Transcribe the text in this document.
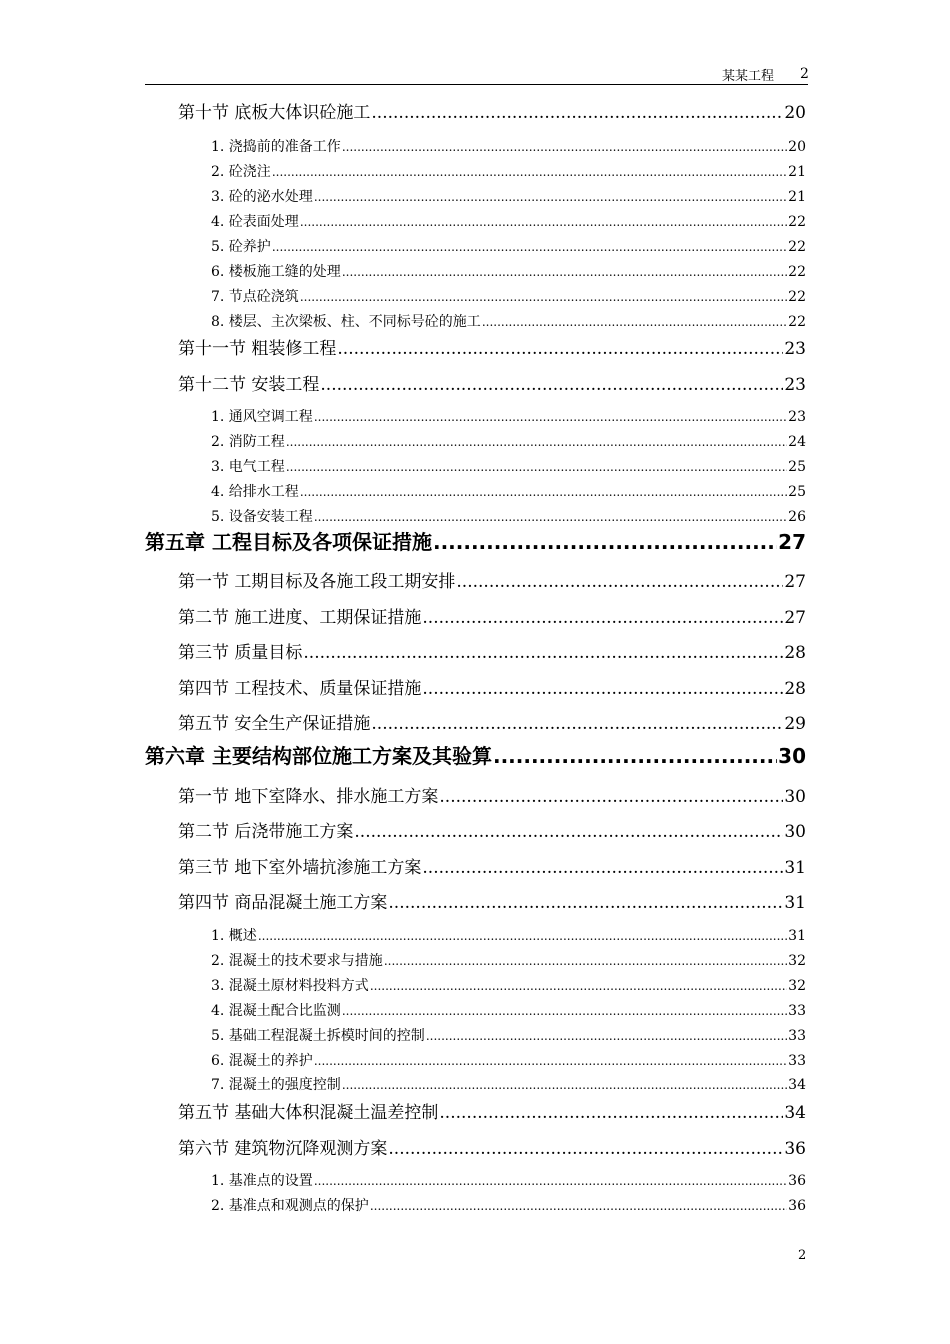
某某工程 2
第十节 底板大体识砼施工 .....	20
1. 浇捣前的准备工作 .....	20
2. 砼浇注 .....	21
3. 砼的泌水处理 .....	21
4. 砼表面处理 .....	22
5. 砼养护 .....	22
6. 楼板施工缝的处理 .....	22
7. 节点砼浇筑 .....	22
8. 楼层、主次梁板、柱、不同标号砼的施工 .....	22
第十一节 粗装修工程 .....	23
第十二节 安装工程 .....	23
1. 通风空调工程 .....	23
2. 消防工程 .....	24
3. 电气工程 .....	25
4. 给排水工程 .....	25
5. 设备安装工程 .....	26
第五章 工程目标及各项保证措施 .....	27
第一节 工期目标及各施工段工期安排 .....	27
第二节 施工进度、工期保证措施 .....	27
第三节 质量目标 .....	28
第四节 工程技术、质量保证措施 .....	28
第五节 安全生产保证措施 .....	29
第六章 主要结构部位施工方案及其验算 .....	30
第一节 地下室降水、排水施工方案 .....	30
第二节 后浇带施工方案 .....	30
第三节 地下室外墙抗渗施工方案 .....	31
第四节 商品混凝土施工方案 .....	31
1. 概述 .....	31
2. 混凝土的技术要求与措施 .....	32
3. 混凝土原材料投料方式 .....	32
4. 混凝土配合比监测 .....	33
5. 基础工程混凝土拆模时间的控制 .....	33
6. 混凝土的养护 .....	33
7. 混凝土的强度控制 .....	34
第五节 基础大体积混凝土温差控制 .....	34
第六节 建筑物沉降观测方案 .....	36
1. 基准点的设置 .....	36
2. 基准点和观测点的保护 .....	36
2
